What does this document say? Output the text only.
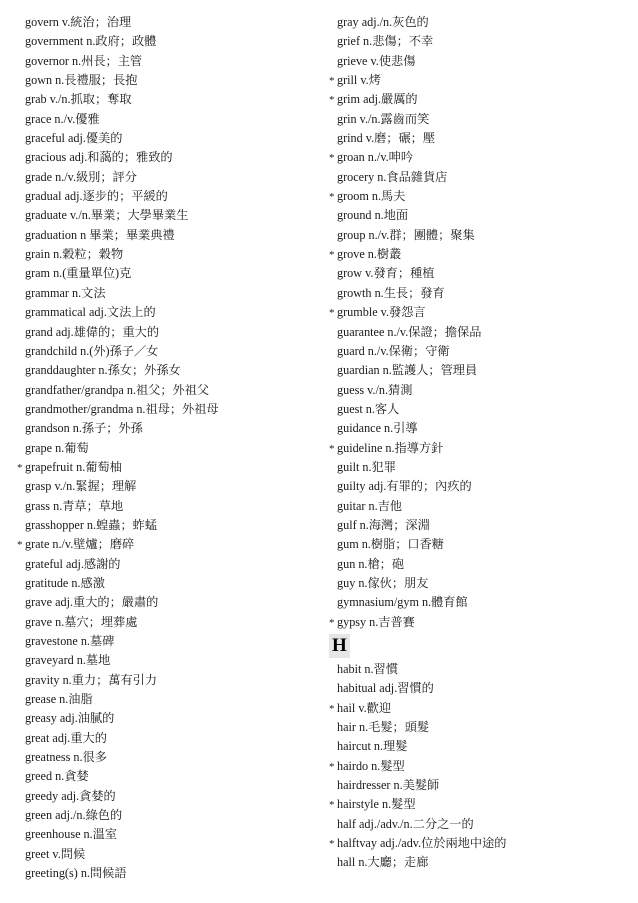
govern v.統治；治理
government n.政府；政體
governor n.州長；主管
gown n.長禮服；長抱
grab v./n.抓取；奪取
grace n./v.優雅
graceful adj.優美的
gracious adj.和藹的；雅致的
grade n./v.級別；評分
gradual adj.逐步的；平緩的
graduate v./n.畢業；大學畢業生
graduation n 畢業；畢業典禮
grain n.穀粒；穀物
gram n.(重量單位)克
grammar n.文法
grammatical adj.文法上的
grand adj.雄偉的；重大的
grandchild n.(外)孫子／女
granddaughter n.孫女；外孫女
grandfather/grandpa n.祖父；外祖父
grandmother/grandma n.祖母；外祖母
grandson n.孫子；外孫
grape n.葡萄
* grapefruit n.葡萄柚
grasp v./n.緊握；理解
grass n.青草；草地
grasshopper n.蝗蟲；蚱蜢
* grate n./v.壁爐；磨碎
grateful adj.感謝的
gratitude n.感激
grave adj.重大的；嚴肅的
grave n.墓穴；埋葬處
gravestone n.墓碑
graveyard n.墓地
gravity n.重力；萬有引力
grease n.油脂
greasy adj.油膩的
great adj.重大的
greatness n.很多
greed n.貪婪
greedy adj.貪婪的
green adj./n.綠色的
greenhouse n.溫室
greet v.問候
greeting(s) n.問候語
gray adj./n.灰色的
grief n.悲傷；不幸
grieve v.使悲傷
* grill v.烤
* grim adj.嚴厲的
grin v./n.露齒而笑
grind v.磨；碾；壓
* groan n./v.呻吟
grocery n.食品雜貨店
* groom n.馬夫
ground n.地面
group n./v.群；團體；聚集
* grove n.樹叢
grow v.發育；種植
growth n.生長；發育
* grumble v.發怨言
guarantee n./v.保證；擔保品
guard n./v.保衛；守衛
guardian n.監護人；管理員
guess v./n.猜測
guest n.客人
guidance n.引導
* guideline n.指導方針
guilt n.犯罪
guilty adj.有罪的；內疚的
guitar n.吉他
gulf n.海灣；深淵
gum n.樹脂；口香糖
gun n.槍；砲
guy n.傢伙；朋友
gymnasium/gym n.體育館
* gypsy n.吉普賽
H
habit n.習慣
habitual adj.習慣的
* hail v.歡迎
hair n.毛髮；頭髮
haircut n.理髮
* hairdo n.髮型
hairdresser n.美髮師
* hairstyle n.髮型
half adj./adv./n.二分之一的
* halftvay adj./adv.位於兩地中途的
hall n.大廳；走廊
